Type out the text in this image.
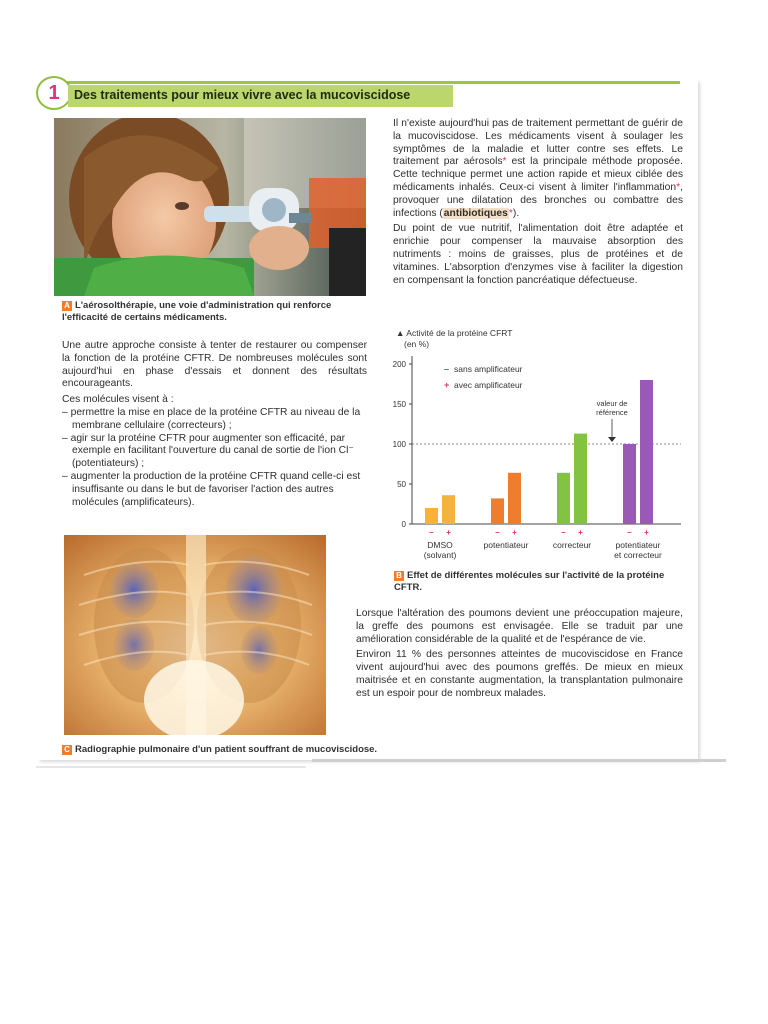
1	Des traitements pour mieux vivre avec la mucoviscidose
A L'aérosolthérapie, une voie d'administration qui renforce l'efficacité de certains médicaments.

Il n'existe aujourd'hui pas de traitement permettant de guérir de la mucoviscidose. Les médicaments visent à soulager les symptômes de la maladie et lutter contre ses effets. Le traitement par aérosols* est la principale méthode proposée. Cette technique permet une action rapide et mieux ciblée des médicaments inhalés. Ceux-ci visent à limiter l'inflammation*, provoquer une dilatation des bronches ou combattre des infections (antibiotiques*).

Du point de vue nutritif, l'alimentation doit être adaptée et enrichie pour compenser la mauvaise absorption des nutriments : moins de graisses, plus de protéines et de vitamines. L'absorption d'enzymes vise à faciliter la digestion en compensant la fonction pancréatique défectueuse.

Une autre approche consiste à tenter de restaurer ou compenser la fonction de la protéine CFTR. De nombreuses molécules sont aujourd'hui en phase d'essais et donnent des résultats encourageants.

Ces molécules visent à :
– permettre la mise en place de la protéine CFTR au niveau de la membrane cellulaire (correcteurs) ;
– agir sur la protéine CFTR pour augmenter son efficacité, par exemple en facilitant l'ouverture du canal de sortie de l'ion Cl⁻ (potentiateurs) ;
– augmenter la production de la protéine CFTR quand celle-ci est insuffisante ou dans le but de favoriser l'action des autres molécules (amplificateurs).
▲ Activité de la protéine CFRT
(en %)
0
50
100
150
200
valeur de
référence
– sans amplificateur
+ avec amplificateur
– +
DMSO
(solvant)
– +
potentiateur
– +
correcteur
– +
potentiateur
et correcteur
B Effet de différentes molécules sur l'activité de la protéine CFTR.
C Radiographie pulmonaire d'un patient souffrant de mucoviscidose.

Lorsque l'altération des poumons devient une préoccupation majeure, la greffe des poumons est envisagée. Elle se traduit par une amélioration considérable de la qualité et de l'espérance de vie.

Environ 11 % des personnes atteintes de mucoviscidose en France vivent aujourd'hui avec des poumons greffés. De mieux en mieux maitrisée et en constante augmentation, la transplantation pulmonaire est un espoir pour de nombreux malades.
